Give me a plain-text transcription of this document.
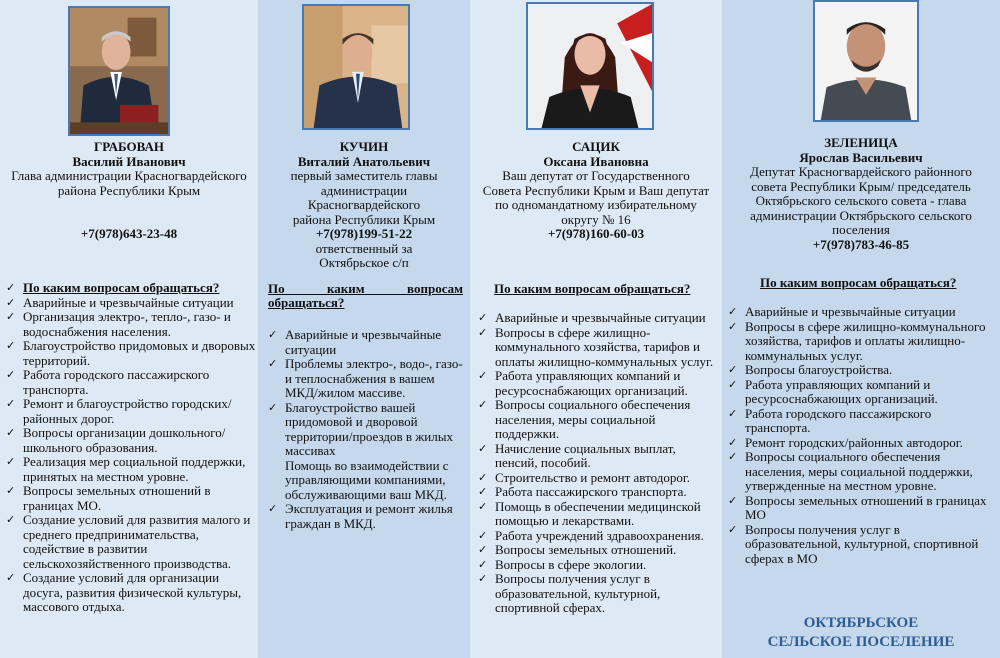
ГРАБОВАН
Василий Иванович
Глава администрации Красногвардейского района Республики Крым
+7(978)643-23-48
✓ По каким вопросам обращаться?
✓ Аварийные и чрезвычайные ситуации
✓ Организация электро-, тепло-, газо- и водоснабжения населения.
✓ Благоустройство придомовых и дворовых территорий.
✓ Работа городского пассажирского транспорта.
✓ Ремонт и благоустройство городских/районных дорог.
✓ Вопросы организации дошкольного/школьного образования.
✓ Реализация мер социальной поддержки, принятых на местном уровне.
✓ Вопросы земельных отношений в границах МО.
✓ Создание условий для развития малого и среднего предпринимательства, содействие в развитии сельскохозяйственного производства.
✓ Создание условий для организации досуга, развития физической культуры, массового отдыха.
КУЧИН
Виталий Анатольевич
первый заместитель главы администрации Красногвардейского района Республики Крым
+7(978)199-51-22
ответственный за Октябрьское с/п
По каким вопросам обращаться?
✓ Аварийные и чрезвычайные ситуации
✓ Проблемы электро-, водо-, газо- и теплоснабжения в вашем МКД/жилом массиве.
✓ Благоустройство вашей придомовой и дворовой территории/проездов в жилых массивах
Помощь во взаимодействии с управляющими компаниями, обслуживающими ваш МКД.
✓ Эксплуатация и ремонт жилья граждан в МКД.
САЦИК
Оксана Ивановна
Ваш депутат от Государственного Совета Республики Крым и Ваш депутат по одномандатному избирательному округу № 16
+7(978)160-60-03
По каким вопросам обращаться?
✓ Аварийные и чрезвычайные ситуации
✓ Вопросы в сфере жилищно-коммунального хозяйства, тарифов и оплаты жилищно-коммунальных услуг.
✓ Работа управляющих компаний и ресурсоснабжающих организаций.
✓ Вопросы социального обеспечения населения, меры социальной поддержки.
✓ Начисление социальных выплат, пенсий, пособий.
✓ Строительство и ремонт автодорог.
✓ Работа пассажирского транспорта.
✓ Помощь в обеспечении медицинской помощью и лекарствами.
✓ Работа учреждений здравоохранения.
✓ Вопросы земельных отношений.
✓ Вопросы в сфере экологии.
✓ Вопросы получения услуг в образовательной, культурной, спортивной сферах.
ЗЕЛЕНИЦА
Ярослав Васильевич
Депутат Красногвардейского районного совета Республики Крым/ председатель Октябрьского сельского совета - глава администрации Октябрьского сельского поселения
+7(978)783-46-85
По каким вопросам обращаться?
✓ Аварийные и чрезвычайные ситуации
✓ Вопросы в сфере жилищно-коммунального хозяйства, тарифов и оплаты жилищно-коммунальных услуг.
✓ Вопросы благоустройства.
✓ Работа управляющих компаний и ресурсоснабжающих организаций.
✓ Работа городского пассажирского транспорта.
✓ Ремонт городских/районных автодорог.
✓ Вопросы социального обеспечения населения, меры социальной поддержки, утвержденные на местном уровне.
✓ Вопросы земельных отношений в границах МО
✓ Вопросы получения услуг в образовательной, культурной, спортивной сферах в МО
ОКТЯБРЬСКОЕ
СЕЛЬСКОЕ ПОСЕЛЕНИЕ
